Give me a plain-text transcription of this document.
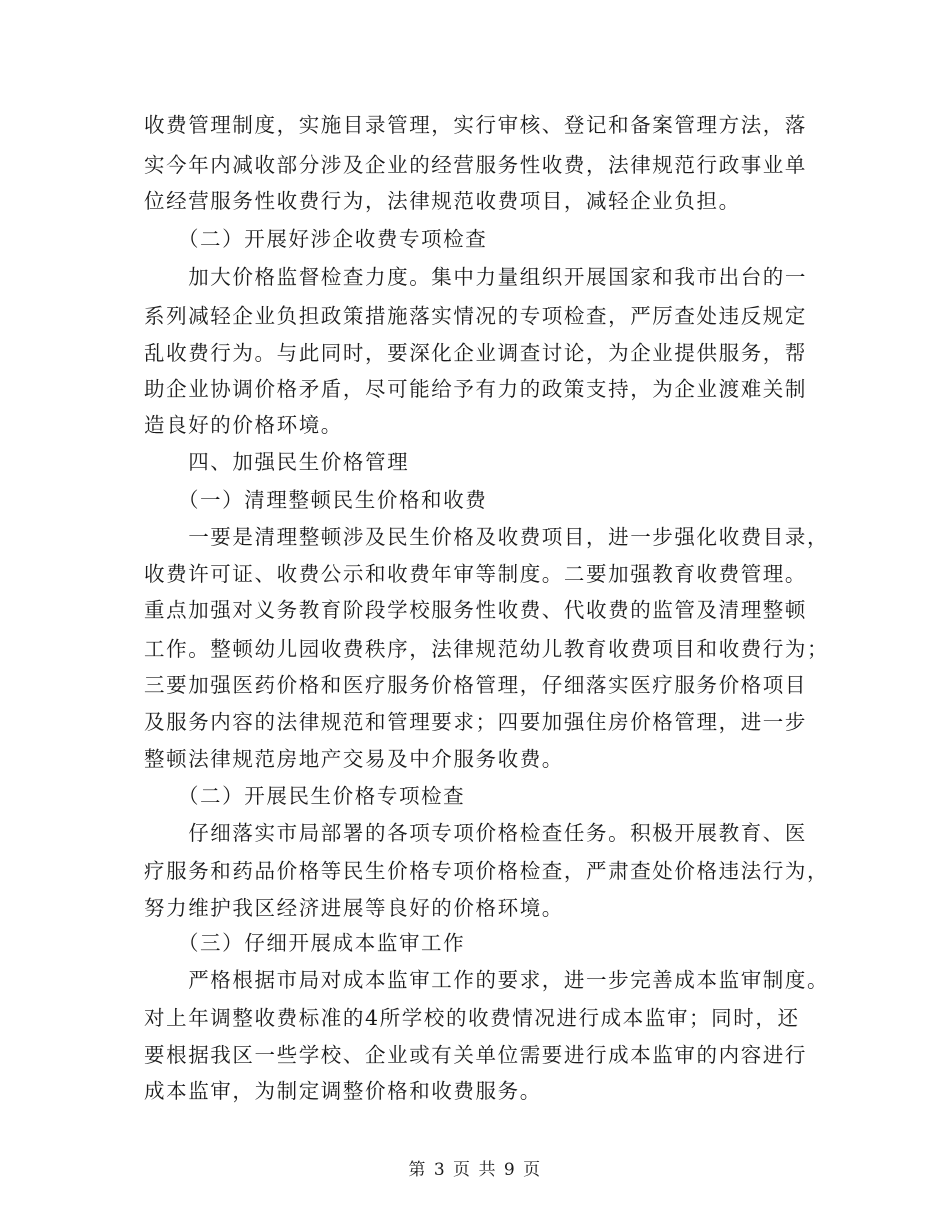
收费管理制度，实施目录管理，实行审核、登记和备案管理方法，落
实今年内减收部分涉及企业的经营服务性收费，法律规范行政事业单
位经营服务性收费行为，法律规范收费项目，减轻企业负担。
　　（二）开展好涉企收费专项检查
　　加大价格监督检查力度。集中力量组织开展国家和我市出台的一
系列减轻企业负担政策措施落实情况的专项检查，严厉查处违反规定
乱收费行为。与此同时，要深化企业调查讨论，为企业提供服务，帮
助企业协调价格矛盾，尽可能给予有力的政策支持，为企业渡难关制
造良好的价格环境。
　　四、加强民生价格管理
　　（一）清理整顿民生价格和收费
　　一要是清理整顿涉及民生价格及收费项目，进一步强化收费目录，
收费许可证、收费公示和收费年审等制度。二要加强教育收费管理。
重点加强对义务教育阶段学校服务性收费、代收费的监管及清理整顿
工作。整顿幼儿园收费秩序，法律规范幼儿教育收费项目和收费行为；
三要加强医药价格和医疗服务价格管理，仔细落实医疗服务价格项目
及服务内容的法律规范和管理要求；四要加强住房价格管理，进一步
整顿法律规范房地产交易及中介服务收费。
　　（二）开展民生价格专项检查
　　仔细落实市局部署的各项专项价格检查任务。积极开展教育、医
疗服务和药品价格等民生价格专项价格检查，严肃查处价格违法行为，
努力维护我区经济进展等良好的价格环境。
　　（三）仔细开展成本监审工作
　　严格根据市局对成本监审工作的要求，进一步完善成本监审制度。
对上年调整收费标准的4所学校的收费情况进行成本监审；同时，还
要根据我区一些学校、企业或有关单位需要进行成本监审的内容进行
成本监审，为制定调整价格和收费服务。
第 3 页 共 9 页
